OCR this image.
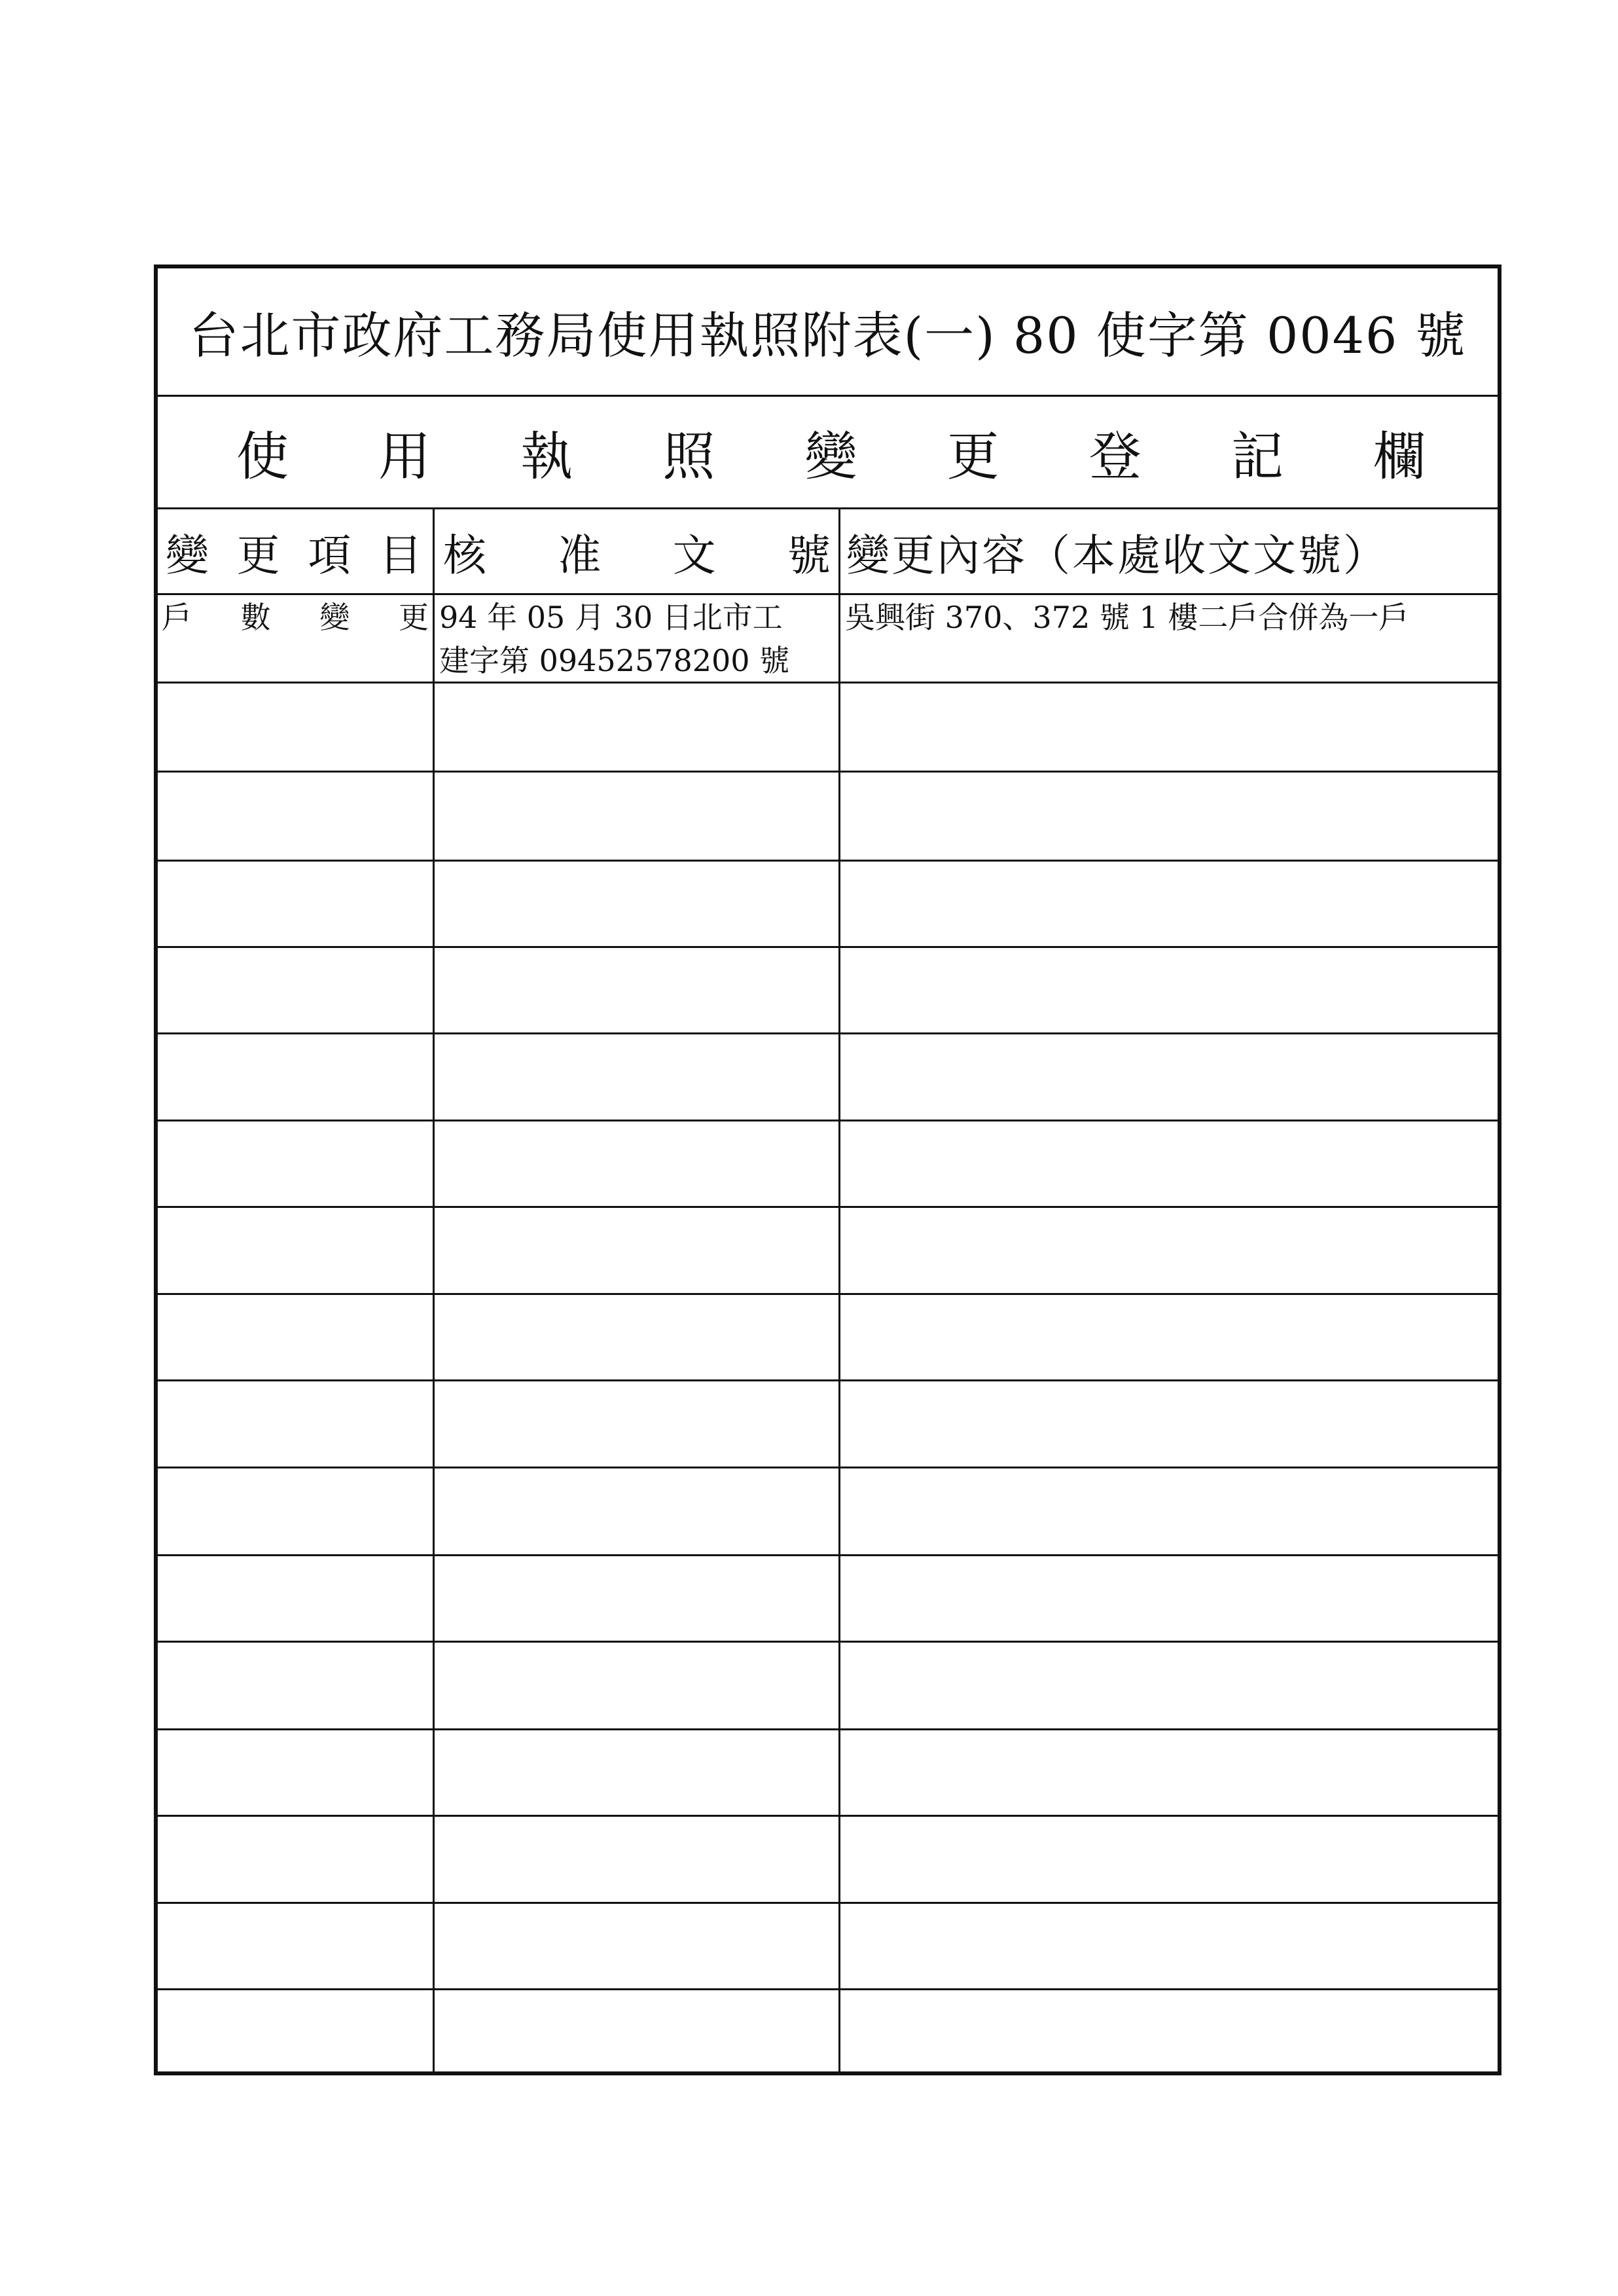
台北市政府工務局使用執照附表(一) 80 使字第 0046 號
使 用 執 照 變 更 登 記 欄
變 更 項 目 核 准 文 號 變更內容（本處收文文號）
戶 數 變 更 94 年 05 月 30 日北市工
建字第 09452578200 號
吳興街 370、372 號 1 樓二戶合併為一戶
